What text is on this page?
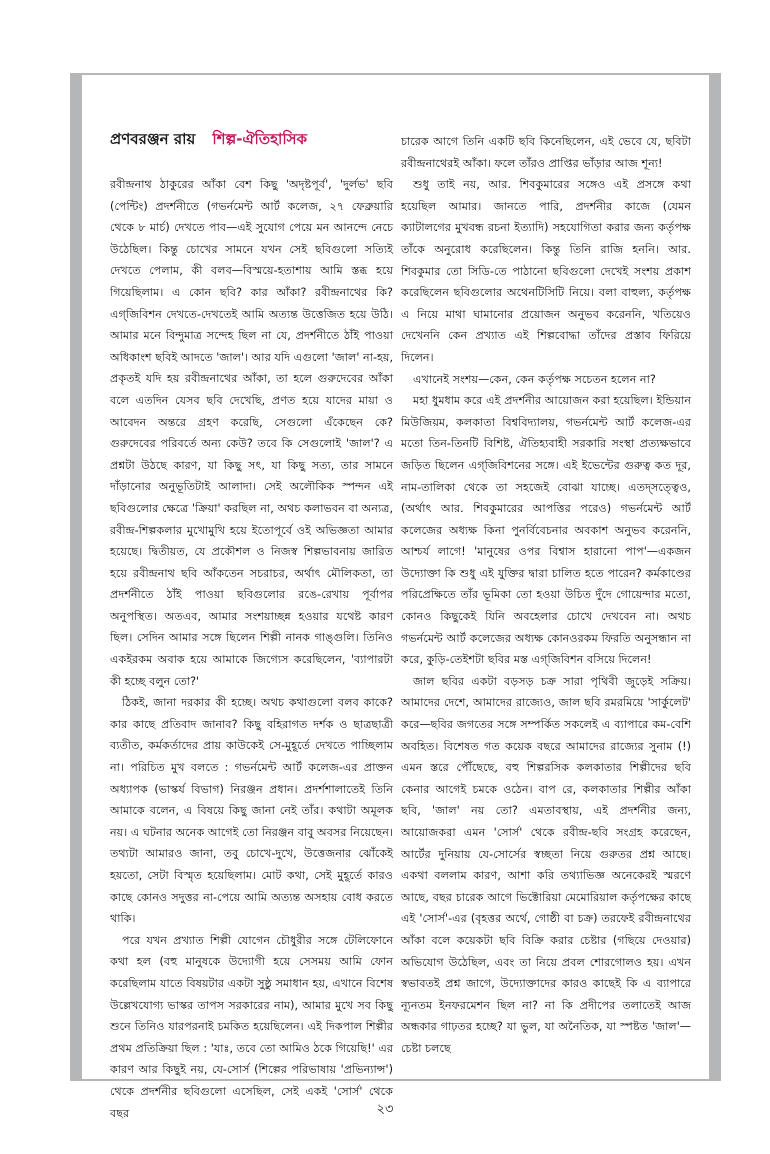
প্রণবরঞ্জন রায় শিল্প-ঐতিহাসিক

রবীন্দ্রনাথ ঠাকুরের আঁকা বেশ কিছু 'অদৃষ্টপূর্ব', 'দুর্লভ' ছবি (পেন্টিং) প্রদর্শনীতে (গভর্নমেন্ট আর্ট কলেজ, ২৭ ফেব্রুয়ারি থেকে ৮ মার্চ) দেখতে পাব—এই সুযোগ পেয়ে মন আনন্দে নেচে উঠেছিল। কিন্তু চোখের সামনে যখন সেই ছবিগুলো সত্যিই দেখতে পেলাম, কী বলব—বিস্ময়ে-হতাশায় আমি স্তব্ধ হয়ে গিয়েছিলাম। এ কোন ছবি? কার আঁকা? রবীন্দ্রনাথের কি? এগ্‌জিবিশন দেখতে-দেখতেই আমি অত্যন্ত উত্তেজিত হয়ে উঠি। আমার মনে বিন্দুমাত্র সন্দেহ ছিল না যে, প্রদর্শনীতে ঠাঁই পাওয়া অধিকাংশ ছবিই আদতে 'জাল'। আর যদি এগুলো 'জাল' না-হয়, প্রকৃতই যদি হয় রবীন্দ্রনাথের আঁকা, তা হলে গুরুদেবের আঁকা বলে এতদিন যেসব ছবি দেখেছি, প্রণত হয়ে যাদের মায়া ও আবেদন অন্তরে গ্রহণ করেছি, সেগুলো এঁকেছেন কে? গুরুদেবের পরিবর্তে অন্য কেউ? তবে কি সেগুলোই 'জাল'? এ প্রশ্নটা উঠছে কারণ, যা কিছু সৎ, যা কিছু সত্য, তার সামনে দাঁড়ানোর অনুভূতিটাই আলাদা। সেই অলৌকিক স্পন্দন এই ছবিগুলোর ক্ষেত্রে 'ক্রিয়া' করছিল না, অথচ কলাভবন বা অন্যত্র, রবীন্দ্র-শিল্পকলার মুখোমুখি হয়ে ইতোপূর্বে ওই অভিজ্ঞতা আমার হয়েছে। দ্বিতীয়ত, যে প্রকৌশল ও নিজস্ব শিল্পভাবনায় জারিত হয়ে রবীন্দ্রনাথ ছবি আঁকতেন সচরাচর, অর্থাৎ মৌলিকতা, তা প্রদর্শনীতে ঠাঁই পাওয়া ছবিগুলোর রঙে-রেখায় পূর্বাপর অনুপস্থিত। অতএব, আমার সংশয়াচ্ছন্ন হওয়ার যথেষ্ট কারণ ছিল। সেদিন আমার সঙ্গে ছিলেন শিল্পী নানক গাঙ্গুলি। তিনিও একইরকম অবাক হয়ে আমাকে জিগ্যেস করেছিলেন, 'ব্যাপারটা কী হচ্ছে বলুন তো?'

ঠিকই, জানা দরকার কী হচ্ছে। অথচ কথাগুলো বলব কাকে? কার কাছে প্রতিবাদ জানাব? কিছু বহিরাগত দর্শক ও ছাত্রছাত্রী ব্যতীত, কর্মকর্তাদের প্রায় কাউকেই সে-মুহূর্তে দেখতে পাচ্ছিলাম না। পরিচিত মুখ বলতে : গভর্নমেন্ট আর্ট কলেজ-এর প্রাক্তন অধ্যাপক (ভাস্কর্য বিভাগ) নিরঞ্জন প্রধান। প্রদর্শশালাতেই তিনি আমাকে বলেন, এ বিষয়ে কিছু জানা নেই তাঁর। কথাটা অমূলক নয়। এ ঘটনার অনেক আগেই তো নিরঞ্জন বাবু অবসর নিয়েছেন। তথ্যটা আমারও জানা, তবু চোখে-দুখে, উত্তেজনার ঝোঁকেই হয়তো, সেটা বিস্মৃত হয়েছিলাম। মোট কথা, সেই মুহূর্তে কারও কাছে কোনও সদুত্তর না-পেয়ে আমি অত্যন্ত অসহায় বোধ করতে থাকি।

পরে যখন প্রখ্যাত শিল্পী যোগেন চৌধুরীর সঙ্গে টেলিফোনে কথা হল (বহু মানুষকে উদ্যোগী হয়ে সেসময় আমি ফোন করেছিলাম যাতে বিষয়টার একটা সুষ্ঠু সমাধান হয়, এখানে বিশেষ উল্লেখযোগ্য ভাস্কর তাপস সরকারের নাম), আমার মুখে সব কিছু শুনে তিনিও যারপরনাই চমকিত হয়েছিলেন। এই দিকপাল শিল্পীর প্রথম প্রতিক্রিয়া ছিল : 'যাঃ, তবে তো আমিও ঠকে গিয়েছি!' এর কারণ আর কিছুই নয়, যে-সোর্স (শিল্পের পরিভাষায় 'প্রভিন্যান্স') থেকে প্রদর্শনীর ছবিগুলো এসেছিল, সেই একই 'সোর্স' থেকে বছর

চারেক আগে তিনি একটি ছবি কিনেছিলেন, এই ভেবে যে, ছবিটা রবীন্দ্রনাথেরই আঁকা। ফলে তাঁরও প্রাপ্তির ভাঁড়ার আজ শূন্য!

শুধু তাই নয়, আর. শিবকুমারের সঙ্গেও এই প্রসঙ্গে কথা হয়েছিল আমার। জানতে পারি, প্রদর্শনীর কাজে (যেমন ক্যাটালগের মুখবন্ধ রচনা ইত্যাদি) সহযোগিতা করার জন্য কর্তৃপক্ষ তাঁকে অনুরোধ করেছিলেন। কিন্তু তিনি রাজি হননি। আর. শিবকুমার তো সিডি-তে পাঠানো ছবিগুলো দেখেই সংশয় প্রকাশ করেছিলেন ছবিগুলোর অথেনটিসিটি নিয়ে। বলা বাহুল্য, কর্তৃপক্ষ এ নিয়ে মাথা ঘামানোর প্রয়োজন অনুভব করেননি, খতিয়েও দেখেননি কেন প্রখ্যাত এই শিল্পবোদ্ধা তাঁদের প্রস্তাব ফিরিয়ে দিলেন।

এখানেই সংশয়—কেন, কেন কর্তৃপক্ষ সচেতন হলেন না?

মহা ধুমধাম করে এই প্রদর্শনীর আয়োজন করা হয়েছিল। ইন্ডিয়ান মিউজিয়ম, কলকাতা বিশ্ববিদ্যালয়, গভর্নমেন্ট আর্ট কলেজ-এর মতো তিন-তিনটি বিশিষ্ট, ঐতিহ্যবাহী সরকারি সংস্থা প্রত্যক্ষভাবে জড়িত ছিলেন এগ্‌জিবিশনের সঙ্গে। এই ইভেন্টের গুরুত্ব কত দূর, নাম-তালিকা থেকে তা সহজেই বোঝা যাচ্ছে। এতদ্‌সত্ত্বেও, (অর্থাৎ আর. শিবকুমারের আপত্তির পরেও) গভর্নমেন্ট আর্ট কলেজের অধ্যক্ষ কিনা পুনর্বিবেচনার অবকাশ অনুভব করেননি, আশ্চর্য লাগে! 'মানুষের ওপর বিশ্বাস হারানো পাপ'—একজন উদ্যোক্তা কি শুধু এই যুক্তির দ্বারা চালিত হতে পারেন? কর্মকাণ্ডের পরিপ্রেক্ষিতে তাঁর ভূমিকা তো হওয়া উচিত দুঁদে গোয়েন্দার মতো, কোনও কিছুকেই যিনি অবহেলার চোখে দেখবেন না। অথচ গভর্নমেন্ট আর্ট কলেজের অধ্যক্ষ কোনওরকম ফিরতি অনুসন্ধান না করে, কুড়ি-তেইশটা ছবির মস্ত এগ্‌জিবিশন বসিয়ে দিলেন!

জাল ছবির একটা বড়সড় চক্র সারা পৃথিবী জুড়েই সক্রিয়। আমাদের দেশে, আমাদের রাজ্যেও, জাল ছবি রমরমিয়ে 'সার্কুলেট' করে—ছবির জগতের সঙ্গে সম্পর্কিত সকলেই এ ব্যাপারে কম-বেশি অবহিত। বিশেষত গত কয়েক বছরে আমাদের রাজ্যের সুনাম (!) এমন স্তরে পৌঁছেছে, বহু শিল্পরসিক কলকাতার শিল্পীদের ছবি কেনার আগেই চমকে ওঠেন। বাপ রে, কলকাতার শিল্পীর আঁকা ছবি, 'জাল' নয় তো? এমতাবস্থায়, এই প্রদর্শনীর জন্য, আয়োজকরা এমন 'সোর্স' থেকে রবীন্দ্র-ছবি সংগ্রহ করেছেন, আর্টের দুনিয়ায় যে-সোর্সের স্বচ্ছতা নিয়ে গুরুতর প্রশ্ন আছে। একথা বললাম কারণ, আশা করি তথ্যাভিজ্ঞ অনেকেরই স্মরণে আছে, বছর চারেক আগে ভিক্টোরিয়া মেমোরিয়াল কর্তৃপক্ষের কাছে এই 'সোর্স'-এর (বৃহত্তর অর্থে, গোষ্ঠী বা চক্র) তরফেই রবীন্দ্রনাথের আঁকা বলে কয়েকটা ছবি বিক্রি করার চেষ্টার (গছিয়ে দেওয়ার) অভিযোগ উঠেছিল, এবং তা নিয়ে প্রবল শোরগোলও হয়। এখন স্বভাবতই প্রশ্ন জাগে, উদ্যোক্তাদের কারও কাছেই কি এ ব্যাপারে ন্যূনতম ইনফরমেশন ছিল না? না কি প্রদীপের তলাতেই আজ অন্ধকার গাঢ়তর হচ্ছে? যা ভুল, যা অনৈতিক, যা স্পষ্টত 'জাল'—চেষ্টা চলছে

২৩
